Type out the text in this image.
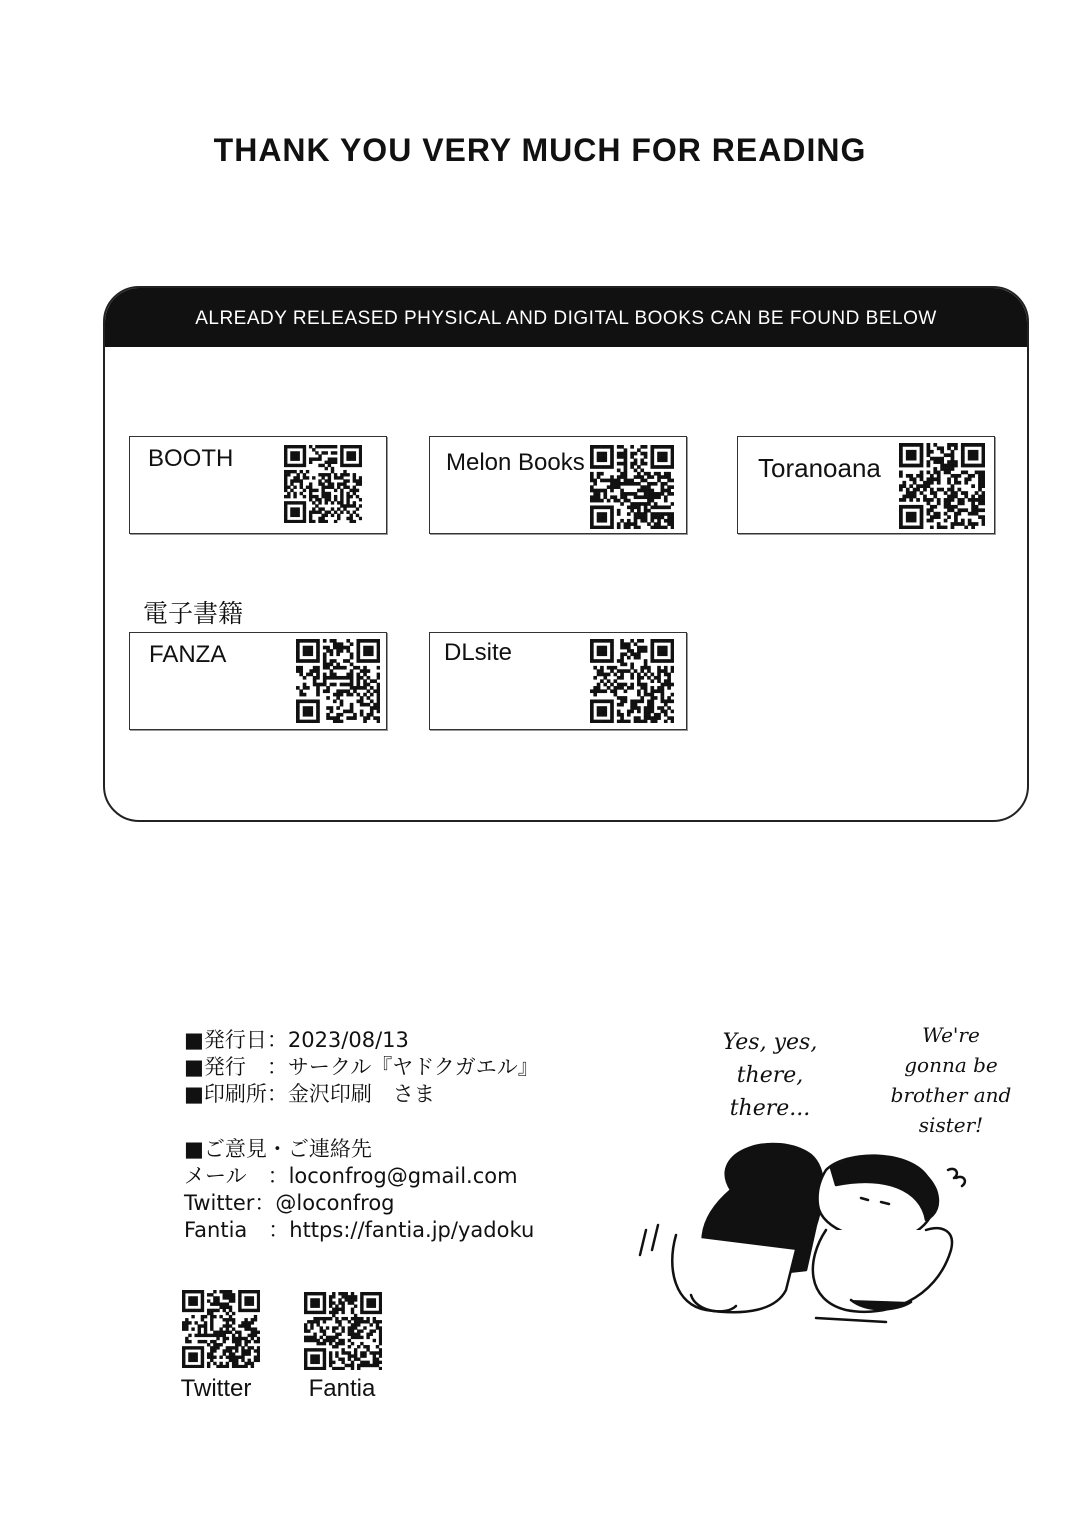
THANK YOU VERY MUCH FOR READING
ALREADY RELEASED PHYSICAL AND DIGITAL BOOKS CAN BE FOUND BELOW
BOOTH	Melon Books	Toranoana
電子書籍
FANZA	DLsite
■発行日：2023/08/13
■発行　：サークル『ヤドクガエル』
■印刷所：金沢印刷　さま
■ご意見・ご連絡先
メール　：loconfrog@gmail.com
Twitter：@loconfrog
Fantia　：https://fantia.jp/yadoku
Twitter	Fantia
Yes, yes,
there,
there...
We're
gonna be
brother and
sister!
